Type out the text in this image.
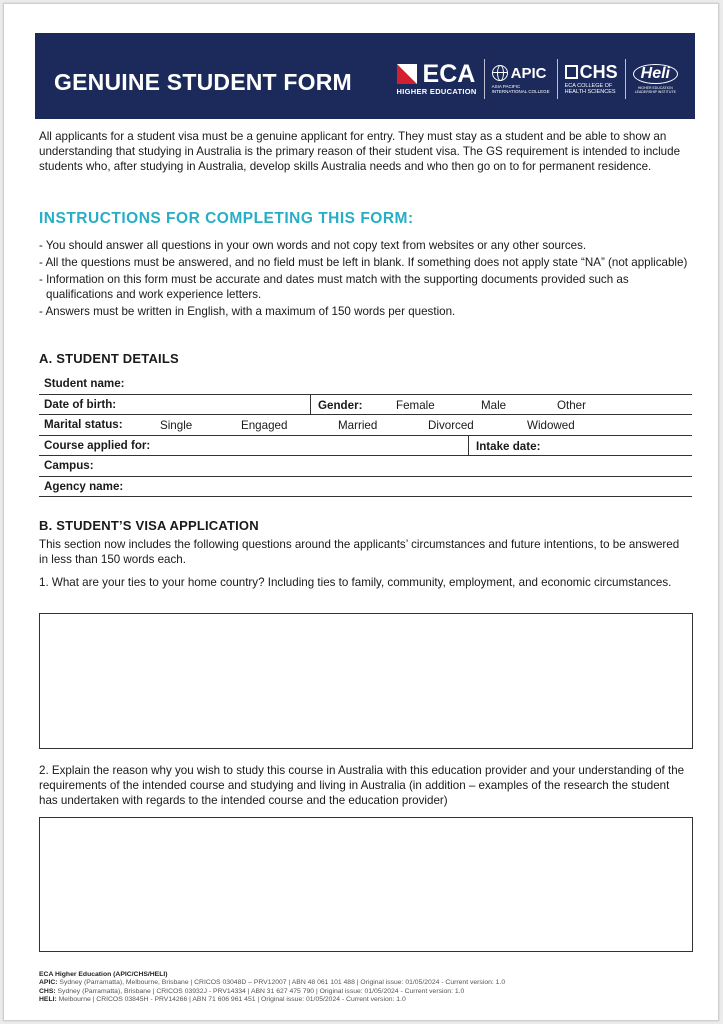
GENUINE STUDENT FORM	ECA
HIGHER EDUCATION
APIC
ASIA PACIFIC
INTERNATIONAL COLLEGE
CHS
ECA COLLEGE OF
HEALTH SCIENCES
Heli
HIGHER EDUCATION
LEADERSHIP INSTITUTE
All applicants for a student visa must be a genuine applicant for entry. They must stay as a student and be able to show an understanding that studying in Australia is the primary reason of their student visa. The GS requirement is intended to include students who, after studying in Australia, develop skills Australia needs and who then go on to for permanent residence.
INSTRUCTIONS FOR COMPLETING THIS FORM:
- You should answer all questions in your own words and not copy text from websites or any other sources.
- All the questions must be answered, and no field must be left in blank. If something does not apply state “NA” (not applicable)
- Information on this form must be accurate and dates must match with the supporting documents provided such as qualifications and work experience letters.
- Answers must be written in English, with a maximum of 150 words per question.
A. STUDENT DETAILS
Student name:
Date of birth:	Gender:	Female	Male	Other
Marital status:	Single	Engaged	Married	Divorced	Widowed
Course applied for:	Intake date:
Campus:
Agency name:
B. STUDENT’S VISA APPLICATION
This section now includes the following questions around the applicants’ circumstances and future intentions, to be answered in less than 150 words each.
1. What are your ties to your home country? Including ties to family, community, employment, and economic circumstances.
2. Explain the reason why you wish to study this course in Australia with this education provider and your understanding of the requirements of the intended course and studying and living in Australia (in addition – examples of the research the student has undertaken with regards to the intended course and the education provider)
ECA Higher Education (APIC/CHS/HELI)
APIC: Sydney (Parramatta), Melbourne, Brisbane | CRICOS 03048D – PRV12007 | ABN 48 061 101 488 | Original issue: 01/05/2024 - Current version: 1.0
CHS: Sydney (Parramatta), Brisbane | CRICOS 03932J - PRV14334 | ABN 31 627 475 790 | Original issue: 01/05/2024 - Current version: 1.0
HELI: Melbourne | CRICOS 03845H - PRV14266 | ABN 71 606 961 451 | Original issue: 01/05/2024 - Current version: 1.0
